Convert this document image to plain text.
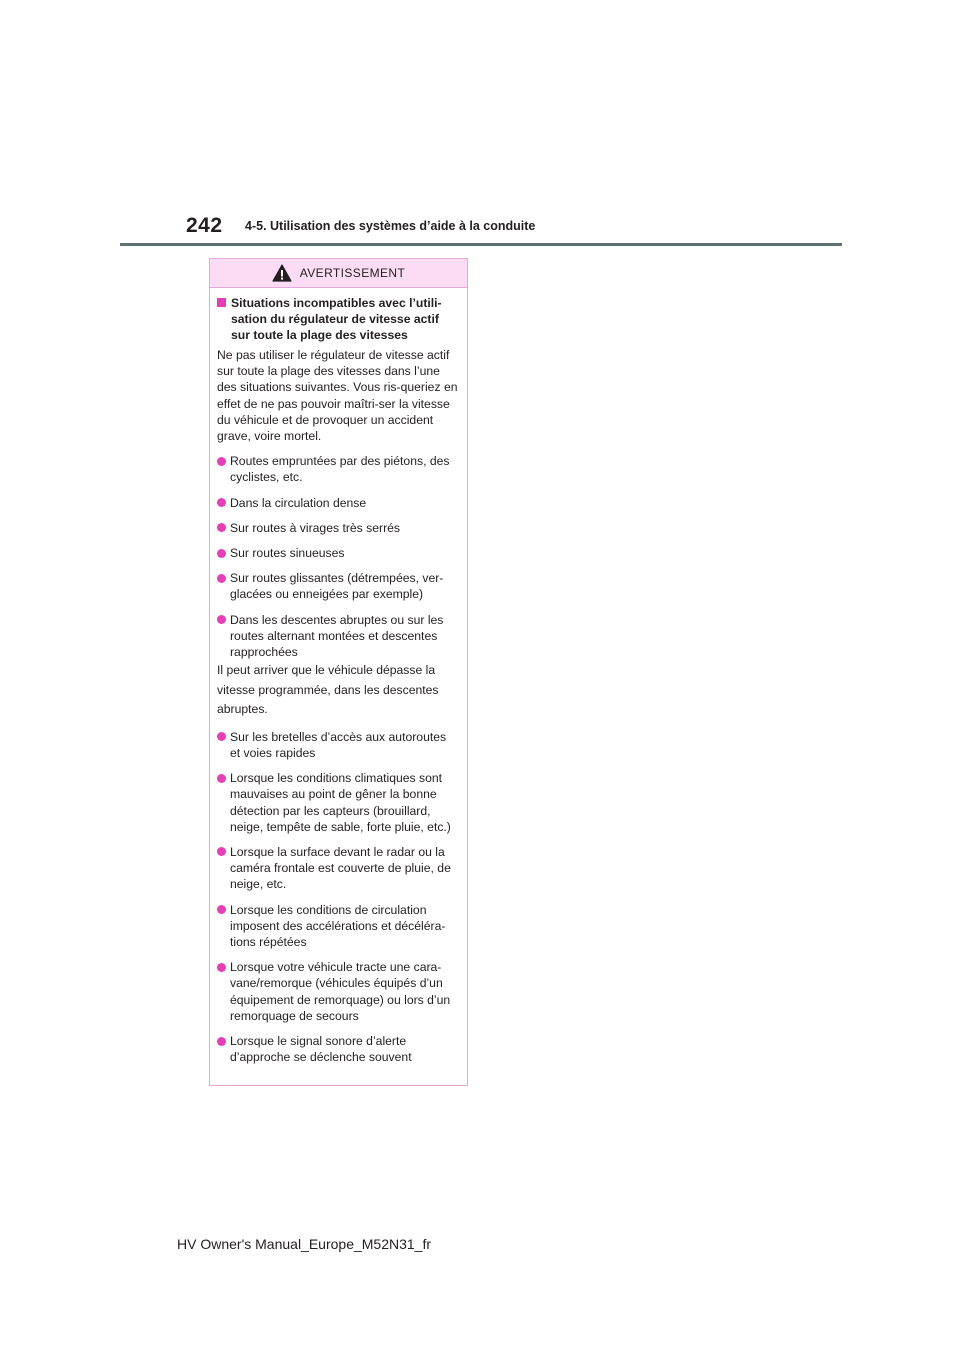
242 4-5. Utilisation des systèmes d’aide à la conduite
AVERTISSEMENT
Situations incompatibles avec l’utili-sation du régulateur de vitesse actif sur toute la plage des vitesses
Ne pas utiliser le régulateur de vitesse actif sur toute la plage des vitesses dans l’une des situations suivantes. Vous ris-queriez en effet de ne pas pouvoir maîtri-ser la vitesse du véhicule et de provoquer un accident grave, voire mortel.
Routes empruntées par des piétons, des cyclistes, etc.
Dans la circulation dense
Sur routes à virages très serrés
Sur routes sinueuses
Sur routes glissantes (détrempées, ver-glacées ou enneigées par exemple)
Dans les descentes abruptes ou sur les routes alternant montées et descentes rapprochées
Il peut arriver que le véhicule dépasse la
vitesse programmée, dans les descentes
abruptes.
Sur les bretelles d’accès aux autoroutes et voies rapides
Lorsque les conditions climatiques sont mauvaises au point de gêner la bonne détection par les capteurs (brouillard, neige, tempête de sable, forte pluie, etc.)
Lorsque la surface devant le radar ou la caméra frontale est couverte de pluie, de neige, etc.
Lorsque les conditions de circulation imposent des accélérations et décéléra-tions répétées
Lorsque votre véhicule tracte une cara-vane/remorque (véhicules équipés d’un équipement de remorquage) ou lors d’un remorquage de secours
Lorsque le signal sonore d’alerte d’approche se déclenche souvent
HV Owner's Manual_Europe_M52N31_fr
